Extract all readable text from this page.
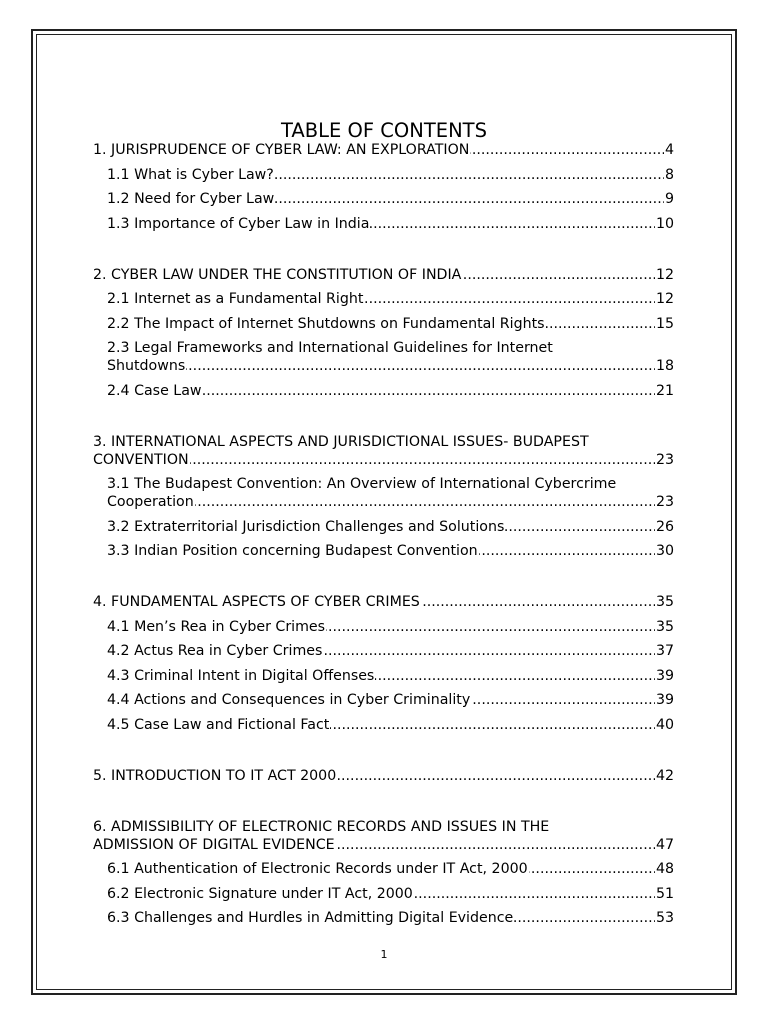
TABLE OF CONTENTS
.....
1. JURISPRUDENCE OF CYBER LAW: AN EXPLORATION	4
.....
1.1 What is Cyber Law?	8
.....
1.2 Need for Cyber Law	9
.....
1.3 Importance of Cyber Law in India	10
.....
2. CYBER LAW UNDER THE CONSTITUTION OF INDIA	12
.....
2.1 Internet as a Fundamental Right	12
.....
2.2 The Impact of Internet Shutdowns on Fundamental Rights	15
2.3 Legal Frameworks and International Guidelines for Internet
.....
Shutdowns	18
.....
2.4 Case Law	21
3. INTERNATIONAL ASPECTS AND JURISDICTIONAL ISSUES- BUDAPEST
.....
CONVENTION	23
3.1 The Budapest Convention: An Overview of International Cybercrime
.....
Cooperation	23
.....
3.2 Extraterritorial Jurisdiction Challenges and Solutions	26
.....
3.3 Indian Position concerning Budapest Convention	30
.....
4. FUNDAMENTAL ASPECTS OF CYBER CRIMES	35
.....
4.1 Men’s Rea in Cyber Crimes	35
.....
4.2 Actus Rea in Cyber Crimes	37
.....
4.3 Criminal Intent in Digital Offenses	39
.....
4.4 Actions and Consequences in Cyber Criminality	39
.....
4.5 Case Law and Fictional Fact	40
.....
5. INTRODUCTION TO IT ACT 2000	42
6. ADMISSIBILITY OF ELECTRONIC RECORDS AND ISSUES IN THE
.....
ADMISSION OF DIGITAL EVIDENCE	47
.....
6.1 Authentication of Electronic Records under IT Act, 2000	48
.....
6.2 Electronic Signature under IT Act, 2000	51
.....
6.3 Challenges and Hurdles in Admitting Digital Evidence	53
1
